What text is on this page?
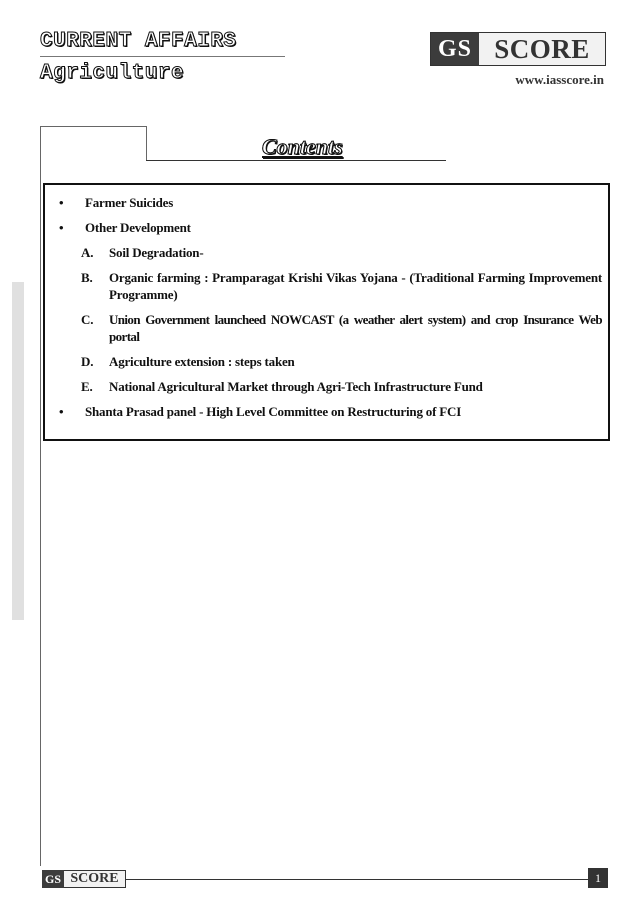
CURRENT AFFAIRS
Agriculture
GS SCORE
www.iasscore.in
Contents
• Farmer Suicides
• Other Development
A. Soil Degradation-
B. Organic farming : Pramparagat Krishi Vikas Yojana - (Traditional Farming Improvement Programme)
C. Union Government launcheed NOWCAST (a weather alert system) and crop Insurance Web portal
D. Agriculture extension : steps taken
E. National Agricultural Market through Agri-Tech Infrastructure Fund
• Shanta Prasad panel - High Level Committee on Restructuring of FCI
GS SCORE	1
